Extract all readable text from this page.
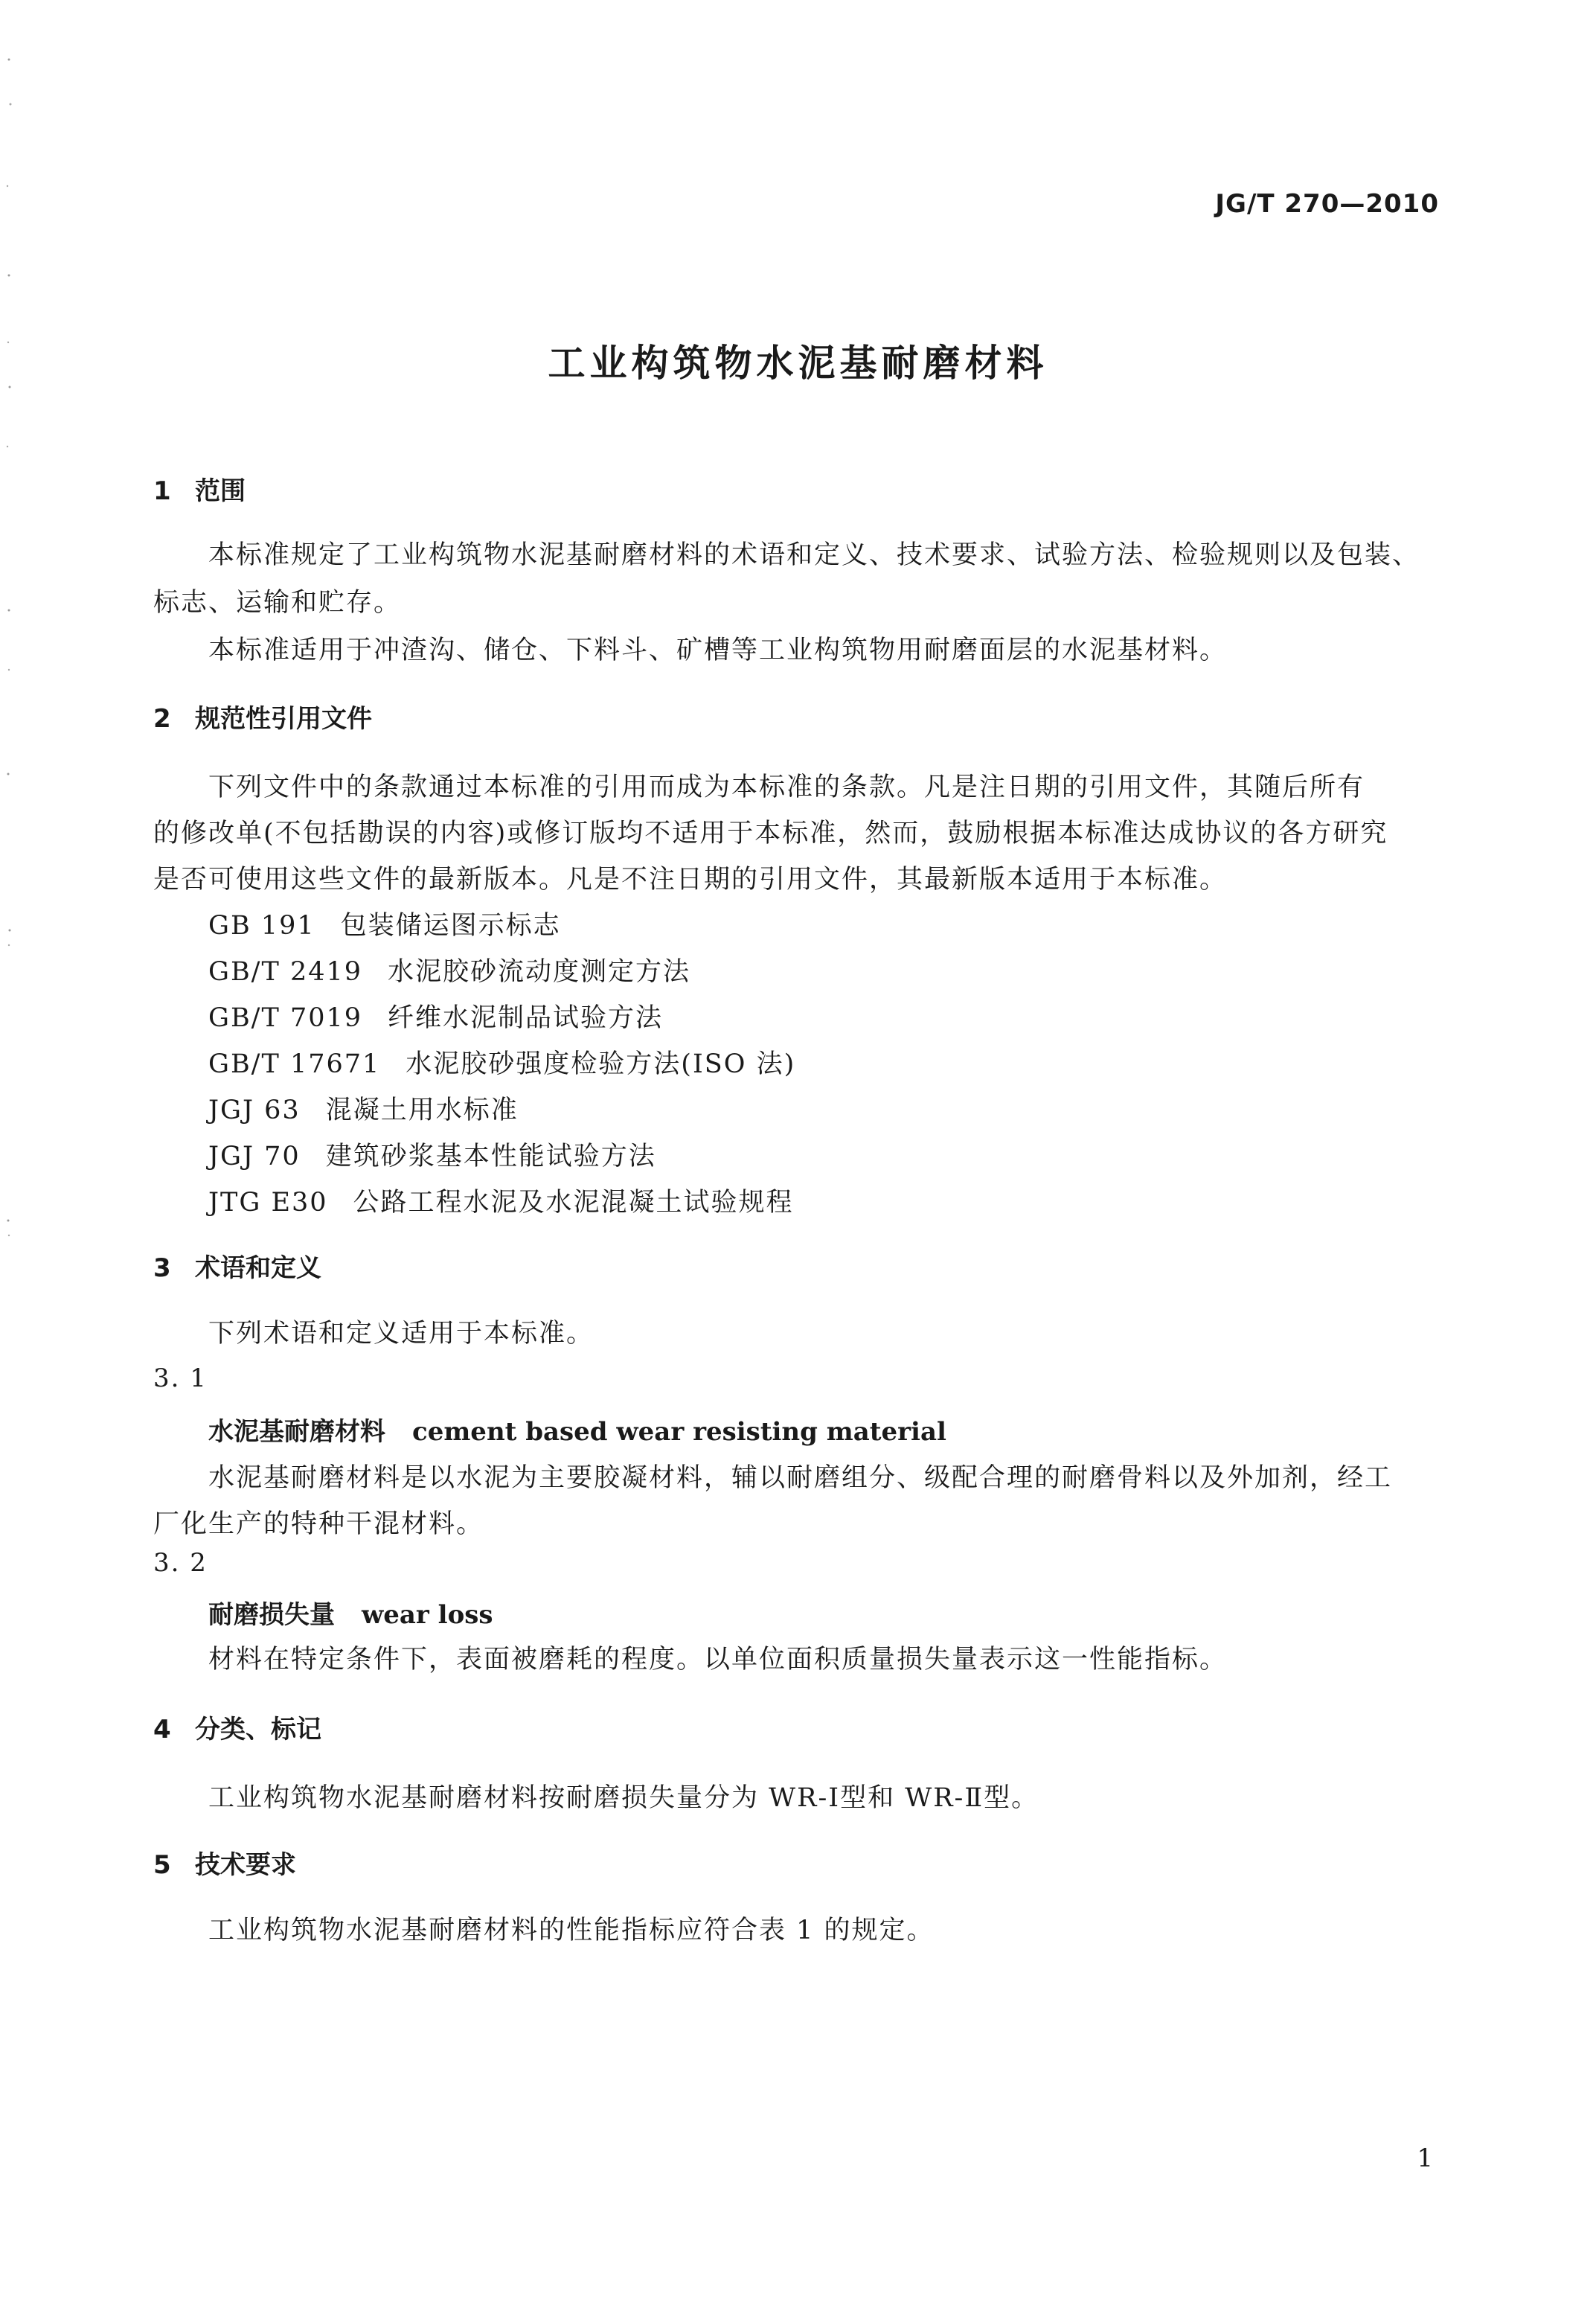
JG/T 270—2010
工业构筑物水泥基耐磨材料
1 范围
本标准规定了工业构筑物水泥基耐磨材料的术语和定义、技术要求、试验方法、检验规则以及包装、
标志、运输和贮存。
本标准适用于冲渣沟、储仓、下料斗、矿槽等工业构筑物用耐磨面层的水泥基材料。
2 规范性引用文件
下列文件中的条款通过本标准的引用而成为本标准的条款。凡是注日期的引用文件，其随后所有
的修改单(不包括勘误的内容)或修订版均不适用于本标准，然而，鼓励根据本标准达成协议的各方研究
是否可使用这些文件的最新版本。凡是不注日期的引用文件，其最新版本适用于本标准。
GB 191 包装储运图示标志
GB/T 2419 水泥胶砂流动度测定方法
GB/T 7019 纤维水泥制品试验方法
GB/T 17671 水泥胶砂强度检验方法(ISO 法)
JGJ 63 混凝土用水标准
JGJ 70 建筑砂浆基本性能试验方法
JTG E30 公路工程水泥及水泥混凝土试验规程
3 术语和定义
下列术语和定义适用于本标准。
3. 1
水泥基耐磨材料 cement based wear resisting material
水泥基耐磨材料是以水泥为主要胶凝材料，辅以耐磨组分、级配合理的耐磨骨料以及外加剂，经工
厂化生产的特种干混材料。
3. 2
耐磨损失量 wear loss
材料在特定条件下，表面被磨耗的程度。以单位面积质量损失量表示这一性能指标。
4 分类、标记
工业构筑物水泥基耐磨材料按耐磨损失量分为 WR-Ⅰ型和 WR-Ⅱ型。
5 技术要求
工业构筑物水泥基耐磨材料的性能指标应符合表 1 的规定。
1
